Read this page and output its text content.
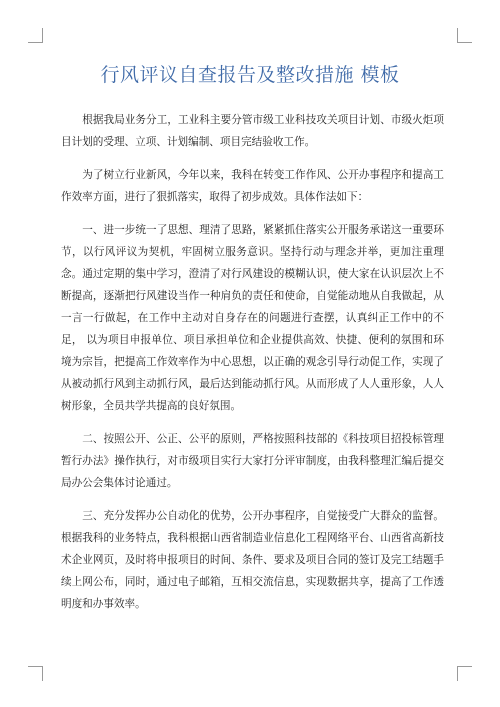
行风评议自查报告及整改措施 模板

根据我局业务分工，工业科主要分管市级工业科技攻关项目计划、市级火炬项目计划的受理、立项、计划编制、项目完结验收工作。

为了树立行业新风，今年以来，我科在转变工作作风、公开办事程序和提高工作效率方面，进行了狠抓落实，取得了初步成效。具体作法如下：

一、进一步统一了思想、理清了思路，紧紧抓住落实公开服务承诺这一重要环节，以行风评议为契机，牢固树立服务意识。坚持行动与理念并举，更加注重理念。通过定期的集中学习，澄清了对行风建设的模糊认识，使大家在认识层次上不断提高，逐渐把行风建设当作一种肩负的责任和使命，自觉能动地从自我做起，从一言一行做起，在工作中主动对自身存在的问题进行查摆，认真纠正工作中的不足， 以为项目申报单位、项目承担单位和企业提供高效、快捷、便利的氛围和环境为宗旨，把提高工作效率作为中心思想，以正确的观念引导行动促工作，实现了从被动抓行风到主动抓行风，最后达到能动抓行风。从而形成了人人重形象，人人树形象，全员共学共提高的良好氛围。

二、按照公开、公正、公平的原则，严格按照科技部的《科技项目招投标管理暂行办法》操作执行，对市级项目实行大家打分评审制度，由我科整理汇编后提交局办公会集体讨论通过。

三、充分发挥办公自动化的优势，公开办事程序，自觉接受广大群众的监督。根据我科的业务特点，我科根据山西省制造业信息化工程网络平台、山西省高新技术企业网页，及时将申报项目的时间、条件、要求及项目合同的签订及完工结题手续上网公布，同时，通过电子邮箱，互相交流信息，实现数据共享，提高了工作透明度和办事效率。
